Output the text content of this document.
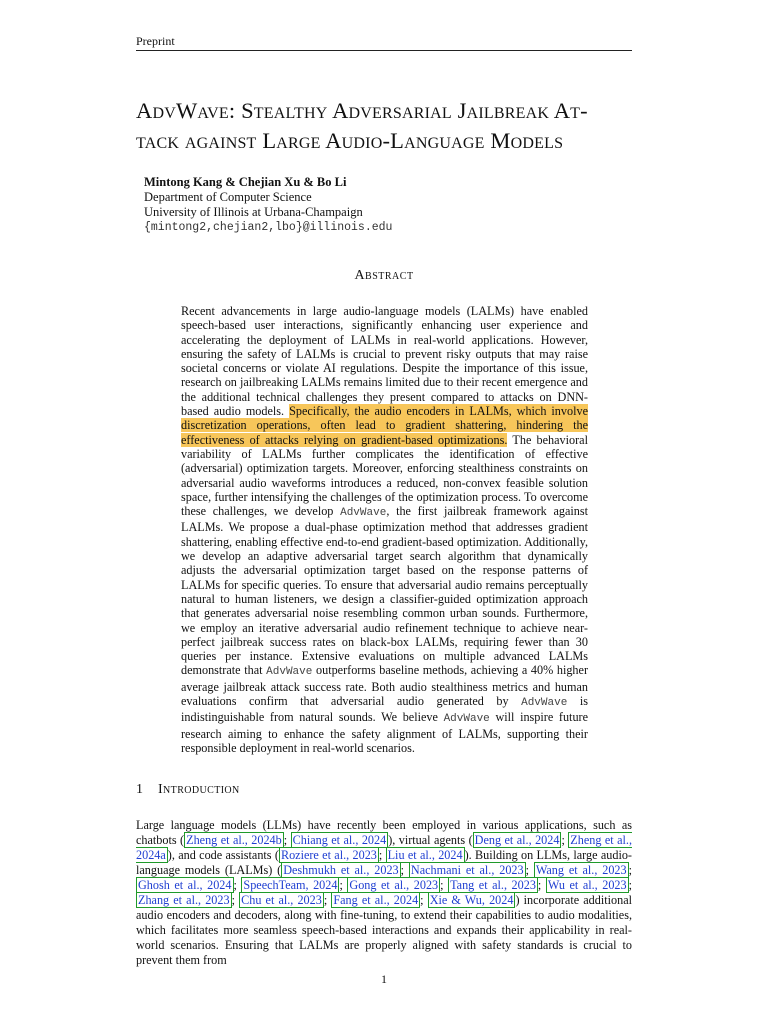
Preprint
AdvWave: Stealthy Adversarial Jailbreak At- tack against Large Audio-Language Models
Mintong Kang & Chejian Xu & Bo Li
Department of Computer Science
University of Illinois at Urbana-Champaign
{mintong2,chejian2,lbo}@illinois.edu
Abstract

Recent advancements in large audio-language models (LALMs) have enabled speech-based user interactions, significantly enhancing user experience and accelerating the deployment of LALMs in real-world applications. However, ensuring the safety of LALMs is crucial to prevent risky outputs that may raise societal concerns or violate AI regulations. Despite the importance of this issue, research on jailbreaking LALMs remains limited due to their recent emergence and the additional technical challenges they present compared to attacks on DNN-based audio models. Specifically, the audio encoders in LALMs, which involve discretization operations, often lead to gradient shattering, hindering the effectiveness of attacks relying on gradient-based optimizations. The behavioral variability of LALMs further complicates the identification of effective (adversarial) optimization targets. Moreover, enforcing stealthiness constraints on adversarial audio waveforms introduces a reduced, non-convex feasible solution space, further intensifying the challenges of the optimization process. To overcome these challenges, we develop AdvWave, the first jailbreak framework against LALMs. We propose a dual-phase optimization method that addresses gradient shattering, enabling effective end-to-end gradient-based optimization. Additionally, we develop an adaptive adversarial target search algorithm that dynamically adjusts the adversarial optimization target based on the response patterns of LALMs for specific queries. To ensure that adversarial audio remains perceptually natural to human listeners, we design a classifier-guided optimization approach that generates adversarial noise resembling common urban sounds. Furthermore, we employ an iterative adversarial audio refinement technique to achieve near-perfect jailbreak success rates on black-box LALMs, requiring fewer than 30 queries per instance. Extensive evaluations on multiple advanced LALMs demonstrate that AdvWave outperforms baseline methods, achieving a 40% higher average jailbreak attack success rate. Both audio stealthiness metrics and human evaluations confirm that adversarial audio generated by AdvWave is indistinguishable from natural sounds. We believe AdvWave will inspire future research aiming to enhance the safety alignment of LALMs, supporting their responsible deployment in real-world scenarios.

1 Introduction

Large language models (LLMs) have recently been employed in various applications, such as chatbots ( Zheng et al., 2024b ; Chiang et al., 2024 ), virtual agents ( Deng et al., 2024 ; Zheng et al., 2024a ), and code assistants ( Roziere et al., 2023 ; Liu et al., 2024 ). Building on LLMs, large audio-language models (LALMs) ( Deshmukh et al., 2023 ; Nachmani et al., 2023 ; Wang et al., 2023 ; Ghosh et al., 2024 ; SpeechTeam, 2024 ; Gong et al., 2023 ; Tang et al., 2023 ; Wu et al., 2023 ; Zhang et al., 2023 ; Chu et al., 2023 ; Fang et al., 2024 ; Xie & Wu, 2024 ) incorporate additional audio encoders and decoders, along with fine-tuning, to extend their capabilities to audio modalities, which facilitates more seamless speech-based interactions and expands their applicability in real-world scenarios. Ensuring that LALMs are properly aligned with safety standards is crucial to prevent them from

1
